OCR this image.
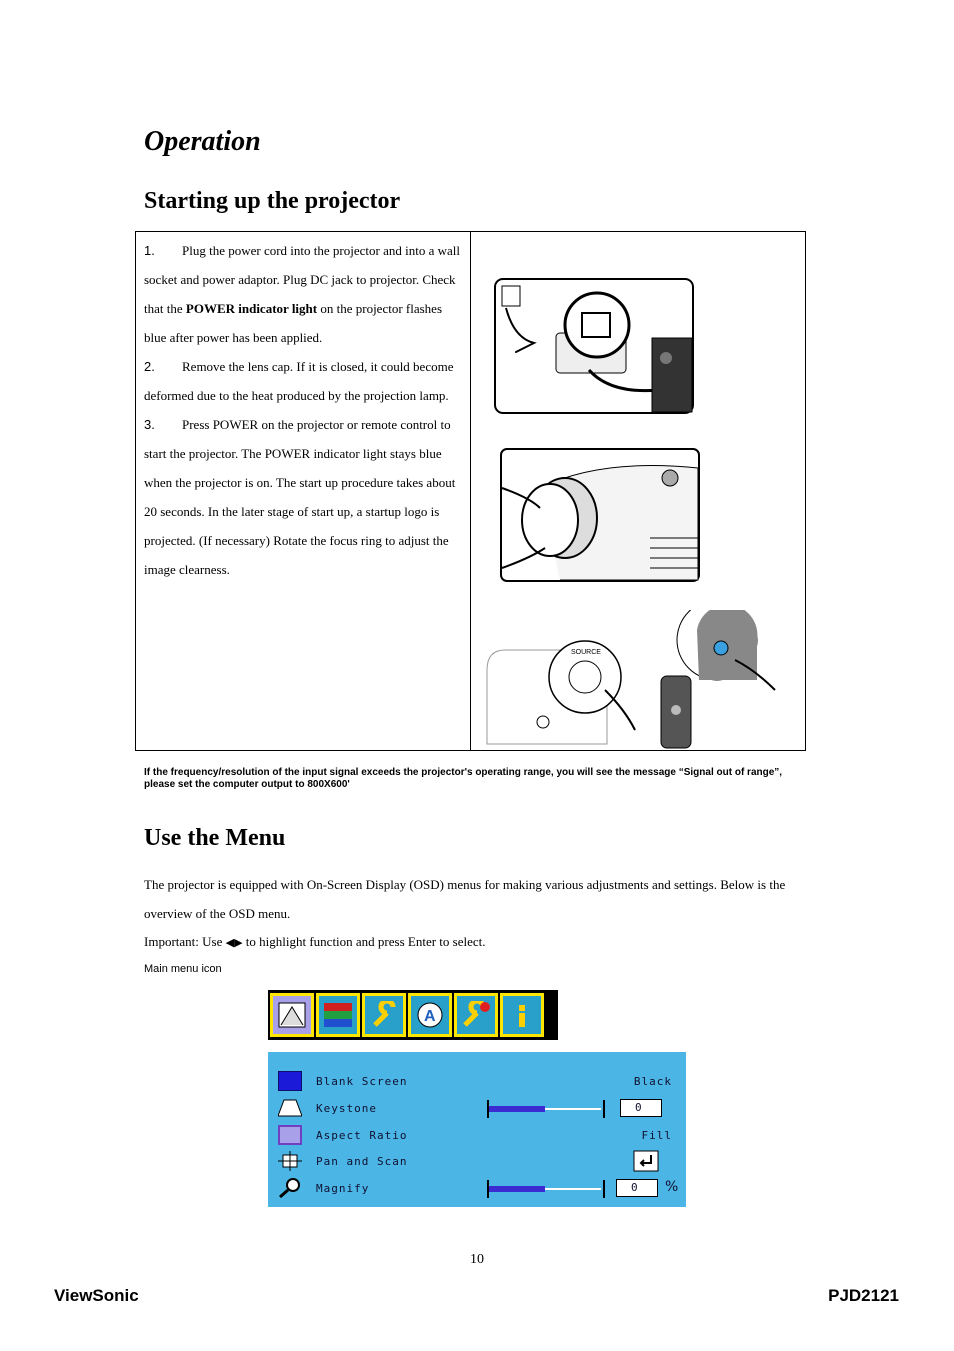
Operation
Starting up the projector

1. Plug the power cord into the projector and into a wall socket and power adaptor. Plug DC jack to projector. Check that the POWER indicator light on the projector flashes blue after power has been applied.

2. Remove the lens cap. If it is closed, it could become deformed due to the heat produced by the projection lamp.

3. Press POWER on the projector or remote control to start the projector. The POWER indicator light stays blue when the projector is on. The start up procedure takes about 20 seconds. In the later stage of start up, a startup logo is projected. (If necessary) Rotate the focus ring to adjust the image clearness.

SOURCE
If the frequency/resolution of the input signal exceeds the projector's operating range, you will see the message “Signal out of range”, please set the computer output to 800X600'
Use the Menu
The projector is equipped with On-Screen Display (OSD) menus for making various adjustments and settings. Below is the overview of the OSD menu.
Important: Use ◀▶ to highlight function and press Enter to select.
Main menu icon
A
Blank Screen	Black
Keystone	0
Aspect Ratio	Fill
Pan and Scan
Magnify	0	%
10
ViewSonic	PJD2121
